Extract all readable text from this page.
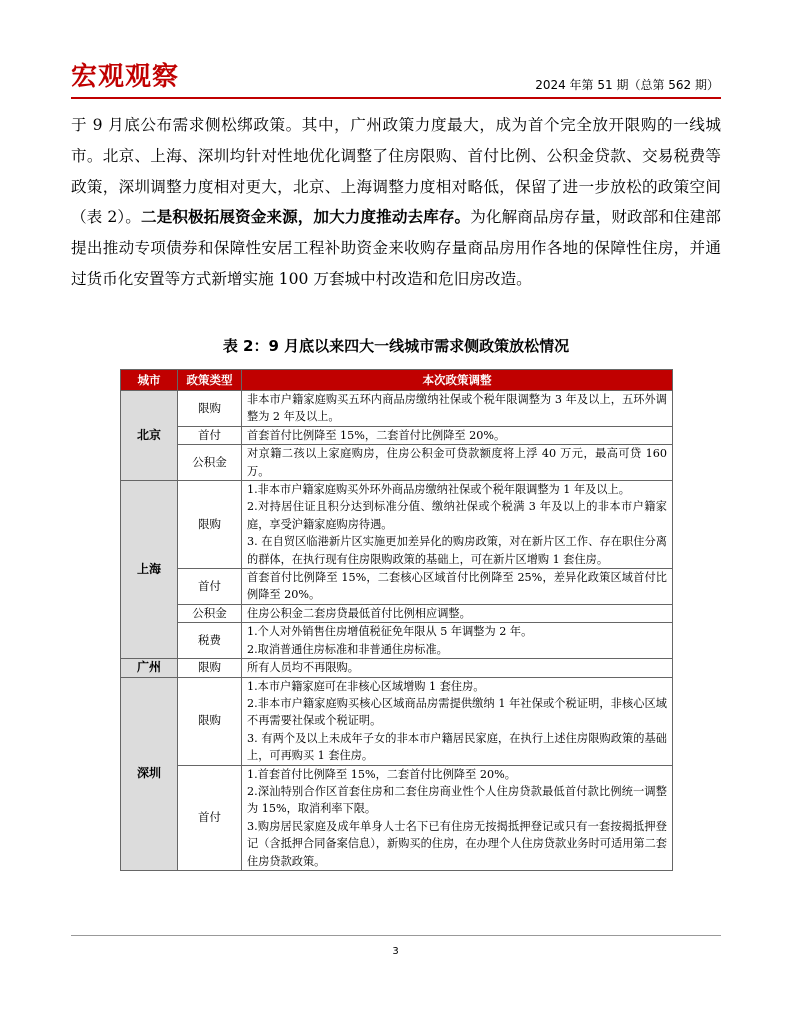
宏观观察	2024 年第 51 期（总第 562 期）

于 9 月底公布需求侧松绑政策。其中，广州政策力度最大，成为首个完全放开限购的一线城市。北京、上海、深圳均针对性地优化调整了住房限购、首付比例、公积金贷款、交易税费等政策，深圳调整力度相对更大，北京、上海调整力度相对略低，保留了进一步放松的政策空间（表 2）。二是积极拓展资金来源，加大力度推动去库存。为化解商品房存量，财政部和住建部提出推动专项债券和保障性安居工程补助资金来收购存量商品房用作各地的保障性住房，并通过货币化安置等方式新增实施 100 万套城中村改造和危旧房改造。

表 2：9 月底以来四大一线城市需求侧政策放松情况
城市	政策类型	本次政策调整
北京	限购	非本市户籍家庭购买五环内商品房缴纳社保或个税年限调整为 3 年及以上，五环外调整为 2 年及以上。
	首付	首套首付比例降至 15%，二套首付比例降至 20%。
	公积金	对京籍二孩以上家庭购房，住房公积金可贷款额度将上浮 40 万元，最高可贷 160 万。
上海	限购	1.非本市户籍家庭购买外环外商品房缴纳社保或个税年限调整为 1 年及以上。
2.对持居住证且积分达到标准分值、缴纳社保或个税满 3 年及以上的非本市户籍家庭，享受沪籍家庭购房待遇。
3. 在自贸区临港新片区实施更加差异化的购房政策，对在新片区工作、存在职住分离的群体，在执行现有住房限购政策的基础上，可在新片区增购 1 套住房。

	首付	首套首付比例降至 15%，二套核心区域首付比例降至 25%，差异化政策区域首付比例降至 20%。
	公积金	住房公积金二套房贷最低首付比例相应调整。
	税费	1.个人对外销售住房增值税征免年限从 5 年调整为 2 年。
2.取消普通住房标准和非普通住房标准。

广州	限购	所有人员均不再限购。
深圳	限购	1.本市户籍家庭可在非核心区域增购 1 套住房。
2.非本市户籍家庭购买核心区域商品房需提供缴纳 1 年社保或个税证明，非核心区域不再需要社保或个税证明。
3. 有两个及以上未成年子女的非本市户籍居民家庭，在执行上述住房限购政策的基础上，可再购买 1 套住房。

	首付	1.首套首付比例降至 15%，二套首付比例降至 20%。
2.深汕特别合作区首套住房和二套住房商业性个人住房贷款最低首付款比例统一调整为 15%，取消利率下限。
3.购房居民家庭及成年单身人士名下已有住房无按揭抵押登记或只有一套按揭抵押登记（含抵押合同备案信息），新购买的住房，在办理个人住房贷款业务时可适用第二套住房贷款政策。
3
